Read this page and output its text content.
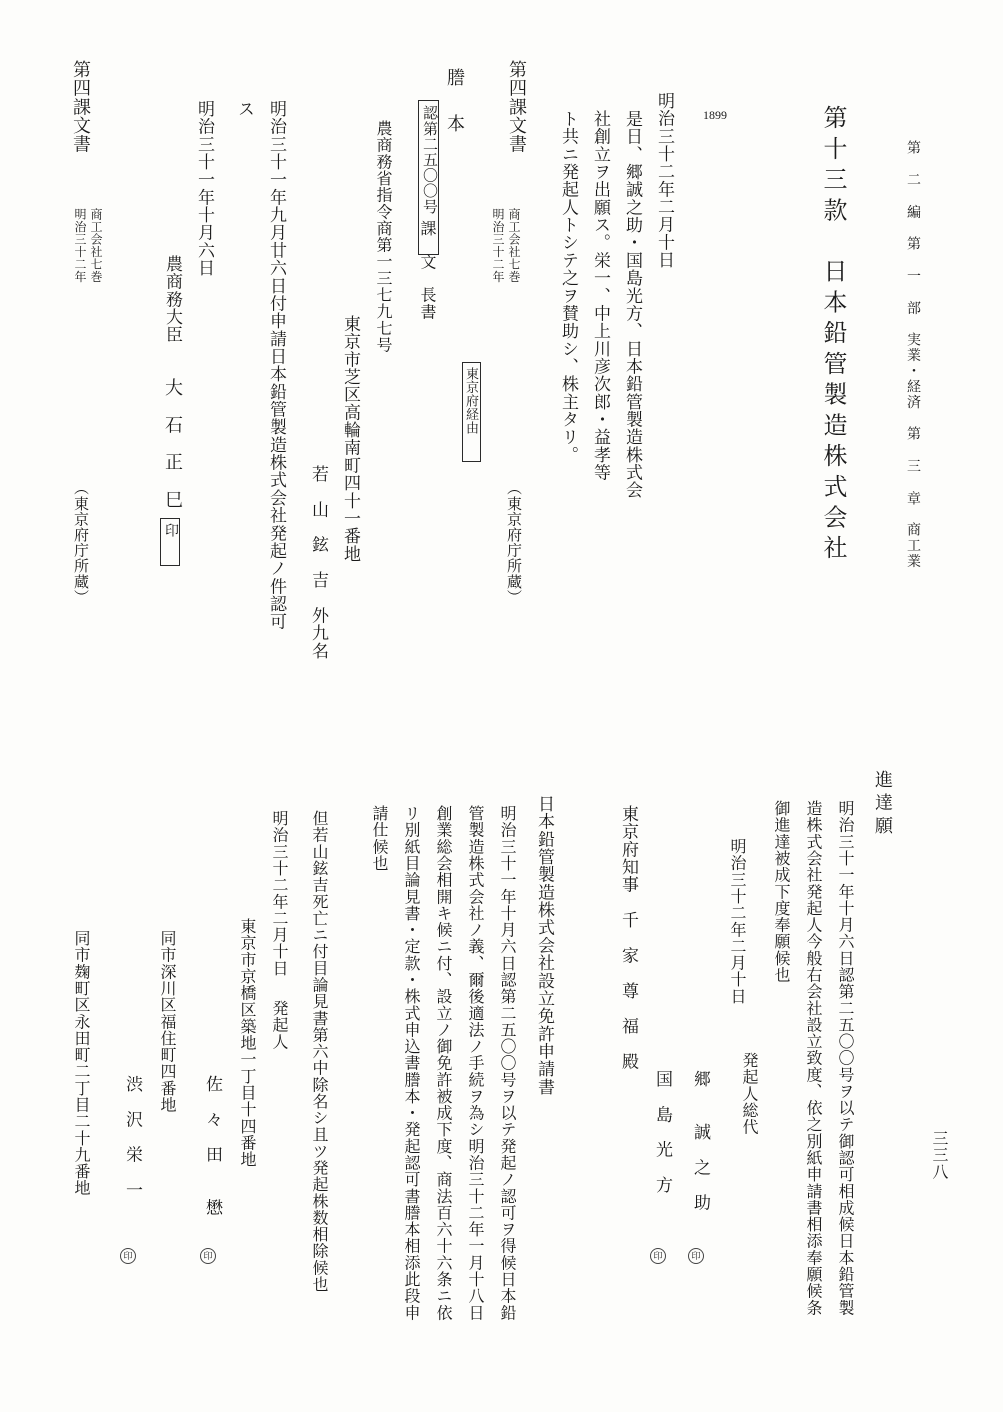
第 二 編　第 一 部　実業・経済　第 三 章　商工業
三三八
第十三款　日本鉛管製造株式会社
ト共ニ発起人トシテ之ヲ賛助シ、株主タリ。 社創立ヲ出願ス。栄一、中上川彦次郎・益孝等 是日、郷誠之助・国島光方、日本鉛管製造株式会 明治三十二年二月十日 1899
（東京府庁所蔵）
商工会社七巻
明治三十二年
第四課文書
東京府経由
謄　本
認第二五〇〇号
課　文　長書
農商務省指令商第一三七九七号
東京市芝区高輪南町四十一番地
若　山　鉉　吉　外九名
明治三十一年九月廿六日付申請日本鉛管製造株式会社発起ノ件認可
ス
明治三十一年十月六日
農商務大臣
大　石　正　巳
印
（東京府庁所蔵）
第四課文書
商工会社七巻
明治三十二年
進達願
明治三十一年十月六日認第二五〇〇号ヲ以テ御認可相成候日本鉛管製
造株式会社発起人今般右会社設立致度、依之別紙申請書相添奉願候条
御進達被成下度奉願候也
明治三十二年二月十日
発起人総代
東京府知事　千　家　尊　福　殿
郷　　誠　之　助
印
国　島　光　方
印
日本鉛管製造株式会社設立免許申請書
明治三十一年十月六日認第二五〇〇号ヲ以テ発起ノ認可ヲ得候日本鉛
管製造株式会社ノ義、爾後適法ノ手続ヲ為シ明治三十二年一月十八日
創業総会相開キ候ニ付、設立ノ御免許被成下度、商法百六十六条ニ依
リ別紙目論見書・定款・株式申込書謄本・発起認可書謄本相添此段申
請仕候也
但若山鉉吉死亡ニ付目論見書第六中除名シ且ツ発起株数相除候也
明治三十二年二月十日
発起人
東京市京橋区築地一丁目十四番地
佐　々　田　　懋
印
同市深川区福住町四番地
渋　沢　栄　一
印
同市麹町区永田町二丁目二十九番地
